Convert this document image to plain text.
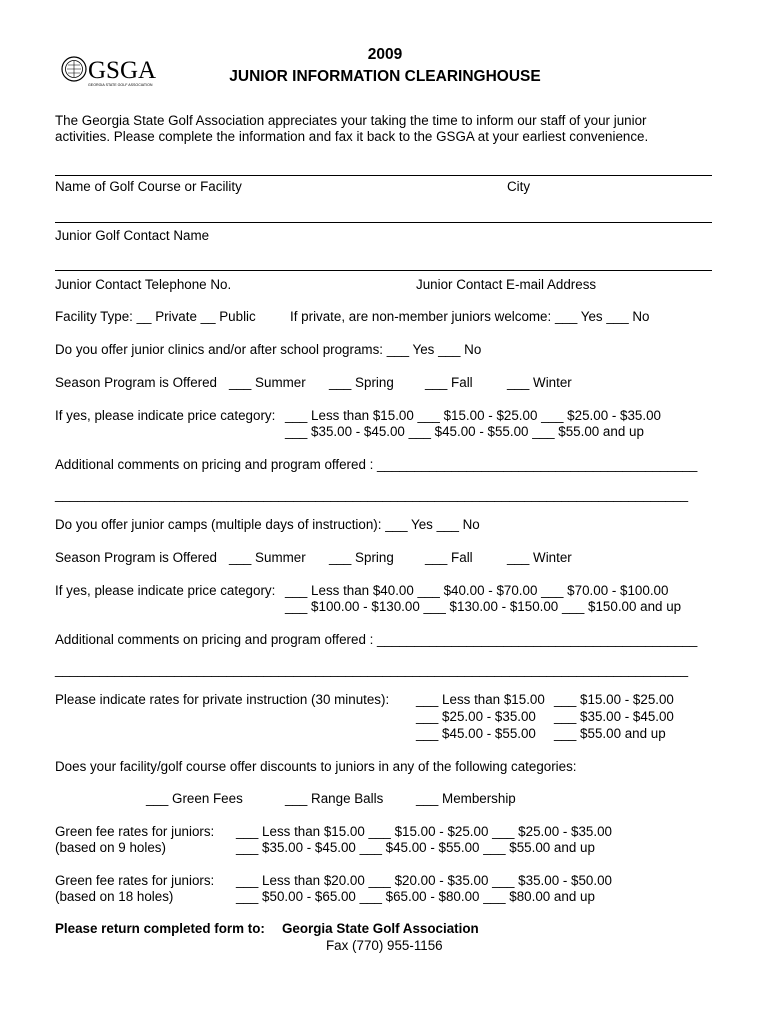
GSGA
GEORGIA STATE GOLF ASSOCIATION
2009
JUNIOR INFORMATION CLEARINGHOUSE
The Georgia State Golf Association appreciates your taking the time to inform our staff of your junior
activities. Please complete the information and fax it back to the GSGA at your earliest convenience.
Name of Golf Course or Facility	City
Junior Golf Contact Name
Junior Contact Telephone No.	Junior Contact E-mail Address
Facility Type: __ Private __ Public	If private, are non-member juniors welcome: ___ Yes ___ No
Do you offer junior clinics and/or after school programs: ___ Yes ___ No
Season Program is Offered ___ Summer ___ Spring ___ Fall	___ Winter
If yes, please indicate price category: ___ Less than $15.00 ___ $15.00 - $25.00 ___ $25.00 - $35.00
___ $35.00 - $45.00 ___ $45.00 - $55.00 ___ $55.00 and up
Additional comments on pricing and program offered : ___________________________________________
_____________________________________________________________________________________
Do you offer junior camps (multiple days of instruction): ___ Yes ___ No
Season Program is Offered ___ Summer ___ Spring ___ Fall	___ Winter
If yes, please indicate price category: ___ Less than $40.00 ___ $40.00 - $70.00 ___ $70.00 - $100.00
___ $100.00 - $130.00 ___ $130.00 - $150.00 ___ $150.00 and up
Additional comments on pricing and program offered : ___________________________________________
_____________________________________________________________________________________
Please indicate rates for private instruction (30 minutes): ___ Less than $15.00 ___ $15.00 - $25.00
___ $25.00 - $35.00 ___ $35.00 - $45.00
___ $45.00 - $55.00 ___ $55.00 and up
Does your facility/golf course offer discounts to juniors in any of the following categories:
___ Green Fees	___ Range Balls ___ Membership
Green fee rates for juniors:
(based on 9 holes)
___ Less than $15.00 ___ $15.00 - $25.00 ___ $25.00 - $35.00
___ $35.00 - $45.00 ___ $45.00 - $55.00 ___ $55.00 and up
Green fee rates for juniors:
(based on 18 holes)
___ Less than $20.00 ___ $20.00 - $35.00 ___ $35.00 - $50.00
___ $50.00 - $65.00 ___ $65.00 - $80.00 ___ $80.00 and up
Please return completed form to: Georgia State Golf Association
Fax (770) 955-1156
